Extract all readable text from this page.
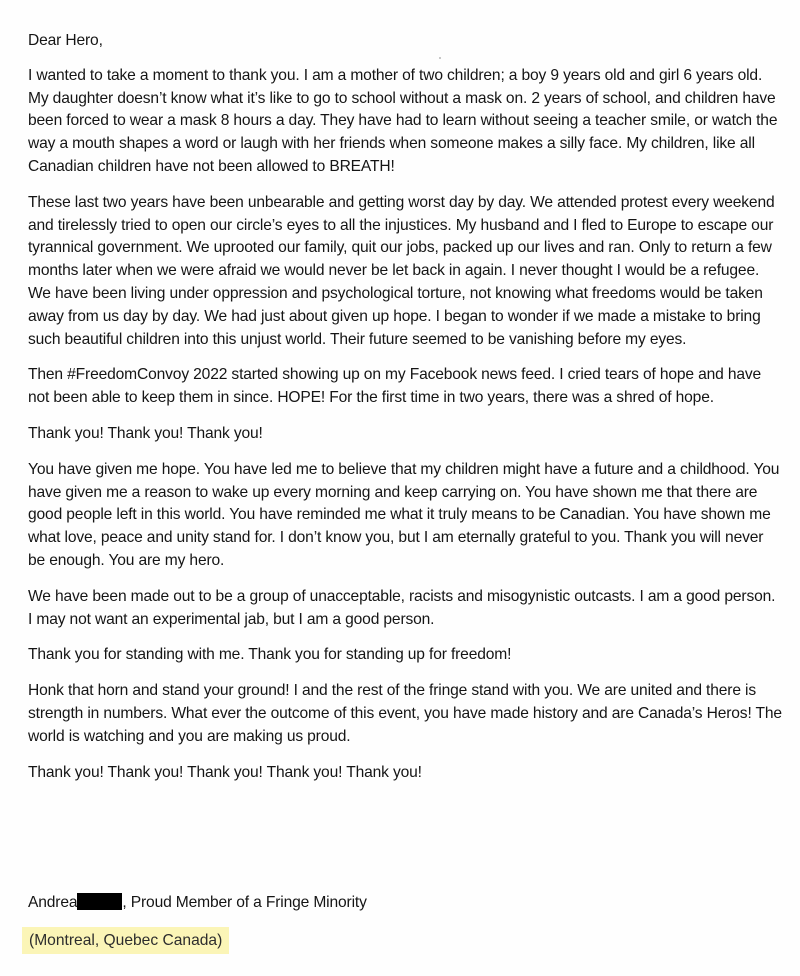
Dear Hero,

I wanted to take a moment to thank you. I am a mother of two children; a boy 9 years old and girl 6 years old. My daughter doesn’t know what it’s like to go to school without a mask on. 2 years of school, and children have been forced to wear a mask 8 hours a day. They have had to learn without seeing a teacher smile, or watch the way a mouth shapes a word or laugh with her friends when someone makes a silly face. My children, like all Canadian children have not been allowed to BREATH!

These last two years have been unbearable and getting worst day by day. We attended protest every weekend and tirelessly tried to open our circle’s eyes to all the injustices. My husband and I fled to Europe to escape our tyrannical government. We uprooted our family, quit our jobs, packed up our lives and ran. Only to return a few months later when we were afraid we would never be let back in again. I never thought I would be a refugee. We have been living under oppression and psychological torture, not knowing what freedoms would be taken away from us day by day. We had just about given up hope. I began to wonder if we made a mistake to bring such beautiful children into this unjust world. Their future seemed to be vanishing before my eyes.

Then #FreedomConvoy 2022 started showing up on my Facebook news feed. I cried tears of hope and have not been able to keep them in since. HOPE! For the first time in two years, there was a shred of hope.

Thank you! Thank you! Thank you!

You have given me hope. You have led me to believe that my children might have a future and a childhood. You have given me a reason to wake up every morning and keep carrying on. You have shown me that there are good people left in this world. You have reminded me what it truly means to be Canadian. You have shown me what love, peace and unity stand for. I don’t know you, but I am eternally grateful to you. Thank you will never be enough. You are my hero.

We have been made out to be a group of unacceptable, racists and misogynistic outcasts. I am a good person. I may not want an experimental jab, but I am a good person.

Thank you for standing with me. Thank you for standing up for freedom!

Honk that horn and stand your ground! I and the rest of the fringe stand with you. We are united and there is strength in numbers. What ever the outcome of this event, you have made history and are Canada’s Heros! The world is watching and you are making us proud.

Thank you! Thank you! Thank you! Thank you! Thank you!

Andrea	, Proud Member of a Fringe Minority
(Montreal, Quebec Canada)
